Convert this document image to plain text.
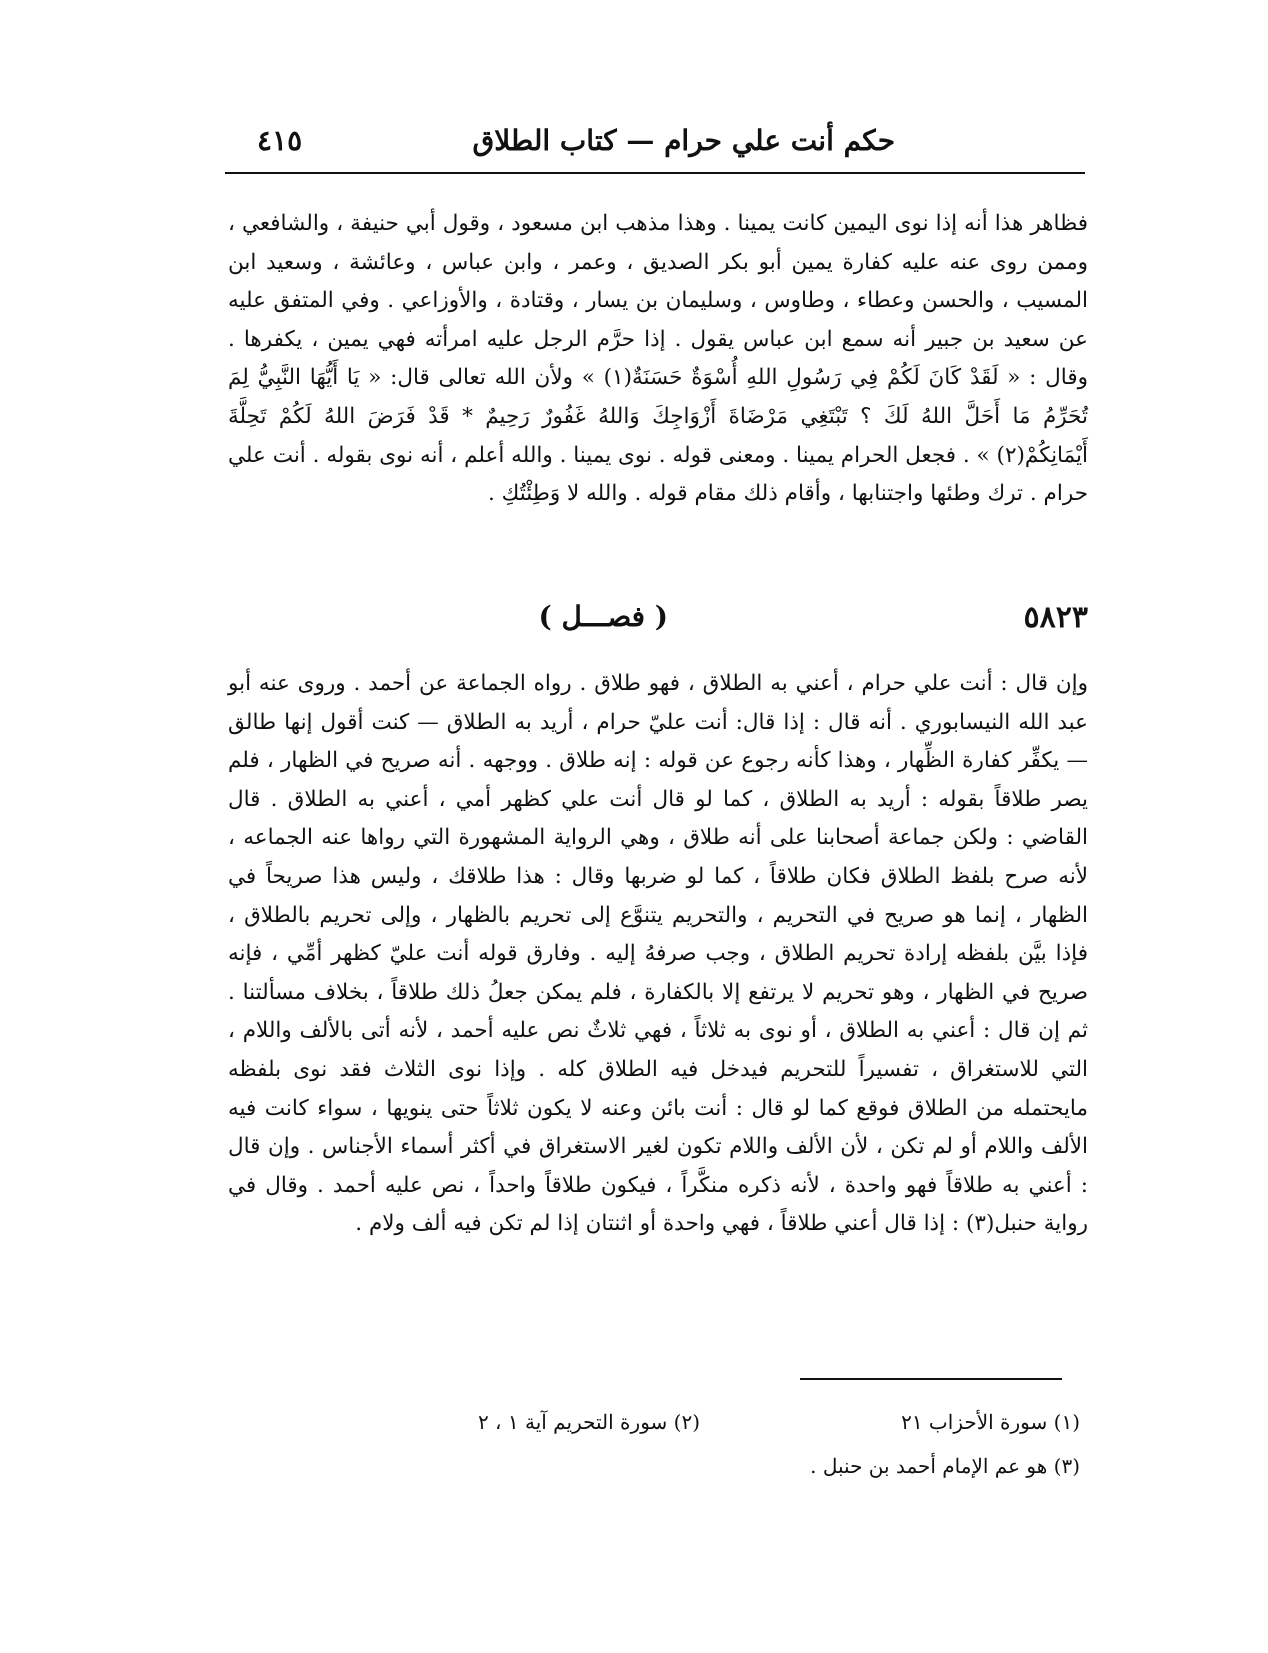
حكم أنت علي حرام — كتاب الطلاق
٤١٥

فظاهر هذا أنه إذا نوى اليمين كانت يمينا . وهذا مذهب ابن مسعود ، وقول أبي حنيفة ، والشافعي ، وممن روى عنه عليه كفارة يمين أبو بكر الصديق ، وعمر ، وابن عباس ، وعائشة ، وسعيد ابن المسيب ، والحسن وعطاء ، وطاوس ، وسليمان بن يسار ، وقتادة ، والأوزاعي . وفي المتفق عليه عن سعيد بن جبير أنه سمع ابن عباس يقول . إذا حرَّم الرجل عليه امرأته فهي يمين ، يكفرها . وقال : « لَقَدْ كَانَ لَكُمْ فِي رَسُولِ اللهِ أُسْوَةٌ حَسَنَةٌ(١) » ولأن الله تعالى قال: « يَا أَيُّهَا النَّبِيُّ لِمَ تُحَرِّمُ مَا أَحَلَّ اللهُ لَكَ ؟ تَبْتَغِي مَرْضَاةَ أَزْوَاجِكَ وَاللهُ غَفُورٌ رَحِيمٌ * قَدْ فَرَضَ اللهُ لَكُمْ تَحِلَّةَ أَيْمَانِكُمْ(٢) » . فجعل الحرام يمينا . ومعنى قوله . نوى يمينا . والله أعلم ، أنه نوى بقوله . أنت علي حرام . ترك وطئها واجتنابها ، وأقام ذلك مقام قوله . والله لا وَطِئْتُكِ .

٥٨٢٣
( فصـــل )

وإن قال : أنت علي حرام ، أعني به الطلاق ، فهو طلاق . رواه الجماعة عن أحمد . وروى عنه أبو عبد الله النيسابوري . أنه قال : إذا قال: أنت عليّ حرام ، أريد به الطلاق — كنت أقول إنها طالق — يكفِّر كفارة الظِّهار ، وهذا كأنه رجوع عن قوله : إنه طلاق . ووجهه . أنه صريح في الظهار ، فلم يصر طلاقاً بقوله : أريد به الطلاق ، كما لو قال أنت علي كظهر أمي ، أعني به الطلاق . قال القاضي : ولكن جماعة أصحابنا على أنه طلاق ، وهي الرواية المشهورة التي رواها عنه الجماعه ، لأنه صرح بلفظ الطلاق فكان طلاقاً ، كما لو ضربها وقال : هذا طلاقك ، وليس هذا صريحاً في الظهار ، إنما هو صريح في التحريم ، والتحريم يتنوَّع إلى تحريم بالظهار ، وإلى تحريم بالطلاق ، فإذا بيَّن بلفظه إرادة تحريم الطلاق ، وجب صرفهُ إليه . وفارق قوله أنت عليّ كظهر أمِّي ، فإنه صريح في الظهار ، وهو تحريم لا يرتفع إلا بالكفارة ، فلم يمكن جعلُ ذلك طلاقاً ، بخلاف مسألتنا . ثم إن قال : أعني به الطلاق ، أو نوى به ثلاثاً ، فهي ثلاثٌ نص عليه أحمد ، لأنه أتى بالألف واللام ، التي للاستغراق ، تفسيراً للتحريم فيدخل فيه الطلاق كله . وإذا نوى الثلاث فقد نوى بلفظه مايحتمله من الطلاق فوقع كما لو قال : أنت بائن وعنه لا يكون ثلاثاً حتى ينويها ، سواء كانت فيه الألف واللام أو لم تكن ، لأن الألف واللام تكون لغير الاستغراق في أكثر أسماء الأجناس . وإن قال : أعني به طلاقاً فهو واحدة ، لأنه ذكره منكَّراً ، فيكون طلاقاً واحداً ، نص عليه أحمد . وقال في رواية حنبل(٣) : إذا قال أعني طلاقاً ، فهي واحدة أو اثنتان إذا لم تكن فيه ألف ولام .

(١) سورة الأحزاب ٢١
(٢) سورة التحريم آية ١ ، ٢
(٣) هو عم الإمام أحمد بن حنبل .
